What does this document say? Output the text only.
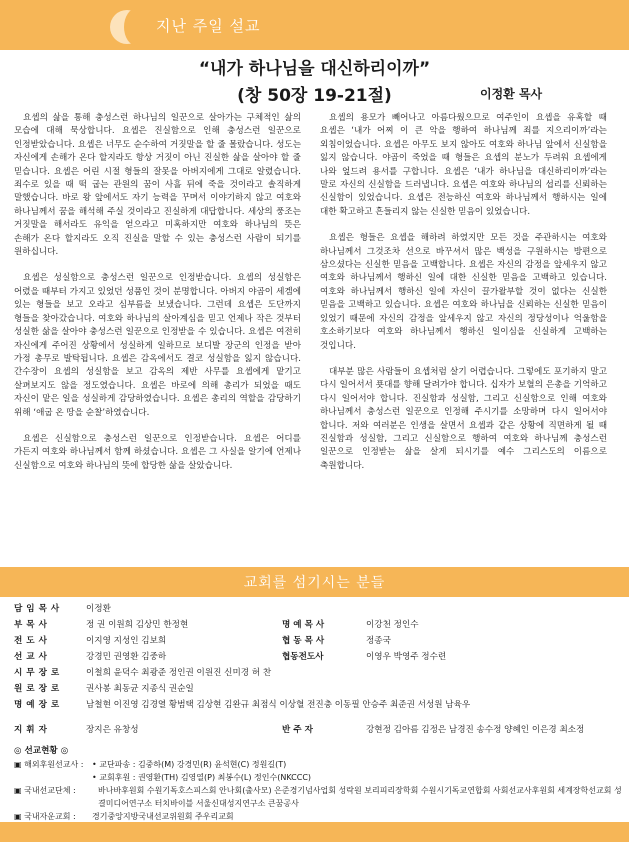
지난 주일 설교
“내가 하나님을 대신하리이까”
(창 50장 19-21절)	이정환 목사

요셉의 삶을 통해 충성스런 하나님의 일꾼으로 살아가는 구체적인 삶의 모습에 대해 묵상합니다. 요셉은 진실함으로 인해 충성스런 일꾼으로 인정받았습니다. 요셉은 너무도 순수하여 거짓말을 할 줄 몰랐습니다. 성도는 자신에게 손해가 온다 할지라도 항상 거짓이 아닌 진실한 삶을 살아야 할 줄 믿습니다. 요셉은 어린 시절 형들의 잘못을 아버지에게 그대로 알렸습니다. 죄수로 있을 때 떡 굽는 관원의 꿈이 사흘 뒤에 죽을 것이라고 솔직하게 말했습니다. 바로 왕 앞에서도 자기 능력을 꾸며서 이야기하지 않고 여호와 하나님께서 꿈을 해석해 주실 것이라고 진실하게 대답합니다. 세상의 풍조는 거짓말을 해서라도 유익을 얻으라고 미혹하지만 여호와 하나님의 뜻은 손해가 온다 할지라도 오직 진실을 말할 수 있는 충성스런 사람이 되기를 원하십니다.

요셉은 성실함으로 충성스런 일꾼으로 인정받습니다. 요셉의 성실함은 어렸을 때부터 가지고 있었던 성품인 것이 분명합니다. 아버지 야곱이 세겜에 있는 형들을 보고 오라고 심부름을 보냈습니다. 그런데 요셉은 도단까지 형들을 찾아갔습니다. 여호와 하나님의 살아계심을 믿고 언제나 작은 것부터 성실한 삶을 살아야 충성스런 일꾼으로 인정받을 수 있습니다. 요셉은 여전히 자신에게 주어진 상황에서 성실하게 일하므로 보디발 장군의 인정을 받아 가정 총무로 발탁됩니다. 요셉은 감옥에서도 결코 성실함을 잃지 않습니다. 간수장이 요셉의 성실함을 보고 감옥의 제반 사무를 요셉에게 맡기고 살펴보지도 않을 정도였습니다. 요셉은 바로에 의해 총리가 되었을 때도 자신이 맡은 일을 성실하게 감당하였습니다. 요셉은 총리의 역할을 감당하기 위해 ‘애굽 온 땅을 순찰’하였습니다.

요셉은 신실함으로 충성스런 일꾼으로 인정받습니다. 요셉은 어디를 가든지 여호와 하나님께서 함께 하셨습니다. 요셉은 그 사실을 알기에 언제나 신실함으로 여호와 하나님의 뜻에 합당한 삶을 살았습니다.

요셉의 용모가 빼어나고 아름다웠으므로 여주인이 요셉을 유혹할 때 요셉은 ‘내가 어찌 이 큰 악을 행하여 하나님께 죄를 지으리이까’라는 외침이었습니다. 요셉은 아무도 보지 않아도 여호와 하나님 앞에서 신실함을 잃지 않습니다. 야곱이 죽었을 때 형들은 요셉의 분노가 두려워 요셉에게 나와 엎드려 용서를 구합니다. 요셉은 ‘내가 하나님을 대신하리이까’라는 말로 자신의 신실함을 드러냅니다. 요셉은 여호와 하나님의 섭리를 신뢰하는 신실함이 있었습니다. 요셉은 전능하신 여호와 하나님께서 행하시는 일에 대한 확고하고 흔들리지 않는 신실한 믿음이 있었습니다.

요셉은 형들은 요셉을 해하려 하였지만 모든 것을 주관하시는 여호와 하나님께서 그것조차 선으로 바꾸셔서 많은 백성을 구원하시는 방편으로 삼으셨다는 신실한 믿음을 고백합니다. 요셉은 자신의 감정을 앞세우지 않고 여호와 하나님께서 행하신 일에 대한 신실한 믿음을 고백하고 있습니다. 여호와 하나님께서 행하신 일에 자신이 끌가왈부할 것이 없다는 신실한 믿음을 고백하고 있습니다. 요셉은 여호와 하나님을 신뢰하는 신실한 믿음이 있었기 때문에 자신의 감정을 앞세우지 않고 자신의 정당성이나 억울함을 호소하기보다 여호와 하나님께서 행하신 일이심을 신실하게 고백하는 것입니다.

대부분 많은 사람들이 요셉처럼 살기 어렵습니다. 그렇에도 포기하지 말고 다시 일어서서 푯대를 향해 달려가야 합니다. 십자가 보혈의 은총을 기억하고 다시 일어서야 합니다. 진실함과 성실함, 그리고 신실함으로 인해 여호와 하나님께서 충성스런 일꾼으로 인정해 주시기를 소망하며 다시 일어서야 합니다. 저와 여러분은 인생을 살면서 요셉과 같은 상황에 직면하게 될 때 진실함과 성실함, 그리고 신실함으로 행하여 여호와 하나님께 충성스런 일꾼으로 인정받는 삶을 살게 되시기를 예수 그리스도의 이름으로 축원합니다.

교회를 섬기시는 분들
담 임 목 사	이정환
부 목 사	정 권 이원희 김상민 한정현	명 예 목 사	이강천 정인수
전 도 사	이지영 지성인 김보희	협 동 목 사	정종국
선 교 사	강경민 권영환 김중하	협동전도사	이영우 박영주 정수련
시 무 장 로	이철희 윤덕수 최광준 정인권 이원진 신미경 허 찬
원 로 장 로	권사봉 최동균 지종식 권순일
명 예 장 로	남철현 이진영 김경열 황범택 김상현 김완규 최점식 이상혈 전진충 이동필 안승주 최준권 서성원 남육우
지 휘 자	장지은 유창성	반 주 자	강현정 김아름 김정은 남경진 송수정 양혜인 이은경 최소정
◎ 선교현황 ◎
▣ 해외후원선교사 : • 교단파송 : 김중하(M) 강경민(R) 윤석현(C) 정원길(T)
• 교회후원 : 권영환(TH) 김영열(P) 최봉수(L) 정인수(NKCCC)
▣ 국내선교단체 :	바나바후원회 수원기독호스피스회 안나회(출사모) 은준경기넘사업회 성락원 보리피리장학회 수원시기독교연합회 사회선교사후원회 세계장학선교회 성결미디어연구소 터치바이블 서울신대성지연구소 큰꿈공사
▣ 국내자운교회 : 경기중앙지방국내선교위원회 주우리교회
